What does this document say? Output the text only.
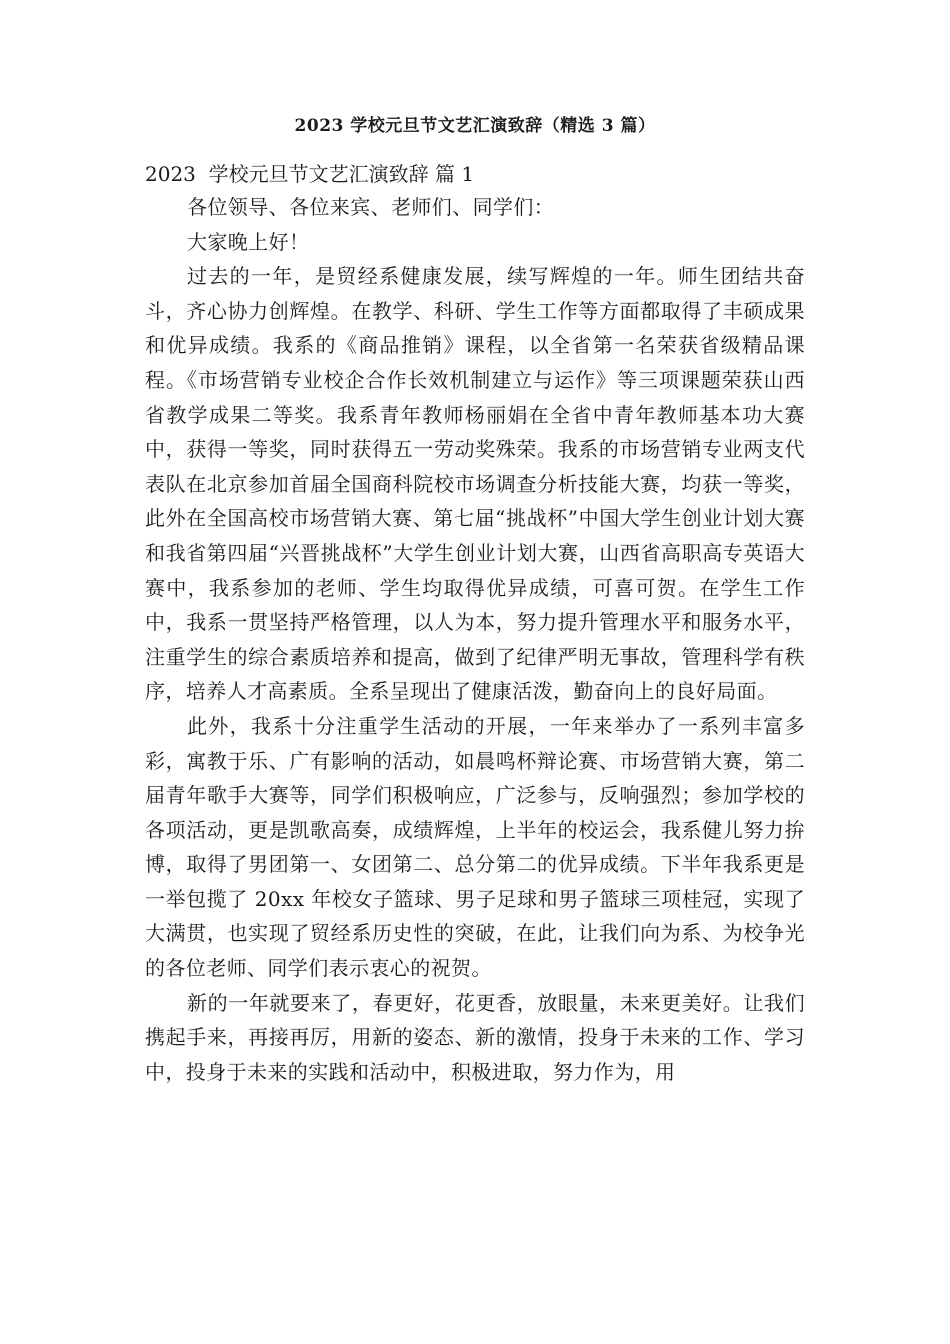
2023 学校元旦节文艺汇演致辞（精选 3 篇）
2023  学校元旦节文艺汇演致辞 篇 1

各位领导、各位来宾、老师们、同学们：

大家晚上好！

过去的一年，是贸经系健康发展，续写辉煌的一年。师生团结共奋斗，齐心协力创辉煌。在教学、科研、学生工作等方面都取得了丰硕成果和优异成绩。我系的《商品推销》课程，以全省第一名荣获省级精品课程。《市场营销专业校企合作长效机制建立与运作》等三项课题荣获山西省教学成果二等奖。我系青年教师杨丽娟在全省中青年教师基本功大赛中，获得一等奖，同时获得五一劳动奖殊荣。我系的市场营销专业两支代表队在北京参加首届全国商科院校市场调查分析技能大赛，均获一等奖，此外在全国高校市场营销大赛、第七届“挑战杯”中国大学生创业计划大赛和我省第四届“兴晋挑战杯”大学生创业计划大赛，山西省高职高专英语大赛中，我系参加的老师、学生均取得优异成绩，可喜可贺。在学生工作中，我系一贯坚持严格管理，以人为本，努力提升管理水平和服务水平，注重学生的综合素质培养和提高，做到了纪律严明无事故，管理科学有秩序，培养人才高素质。全系呈现出了健康活泼，勤奋向上的良好局面。

此外，我系十分注重学生活动的开展，一年来举办了一系列丰富多彩，寓教于乐、广有影响的活动，如晨鸣杯辩论赛、市场营销大赛，第二届青年歌手大赛等，同学们积极响应，广泛参与，反响强烈；参加学校的各项活动，更是凯歌高奏，成绩辉煌，上半年的校运会，我系健儿努力拚博，取得了男团第一、女团第二、总分第二的优异成绩。下半年我系更是一举包揽了 20xx 年校女子篮球、男子足球和男子篮球三项桂冠，实现了大满贯，也实现了贸经系历史性的突破，在此，让我们向为系、为校争光的各位老师、同学们表示衷心的祝贺。

新的一年就要来了，春更好，花更香，放眼量，未来更美好。让我们携起手来，再接再厉，用新的姿态、新的激情，投身于未来的工作、学习中，投身于未来的实践和活动中，积极进取，努力作为，用
